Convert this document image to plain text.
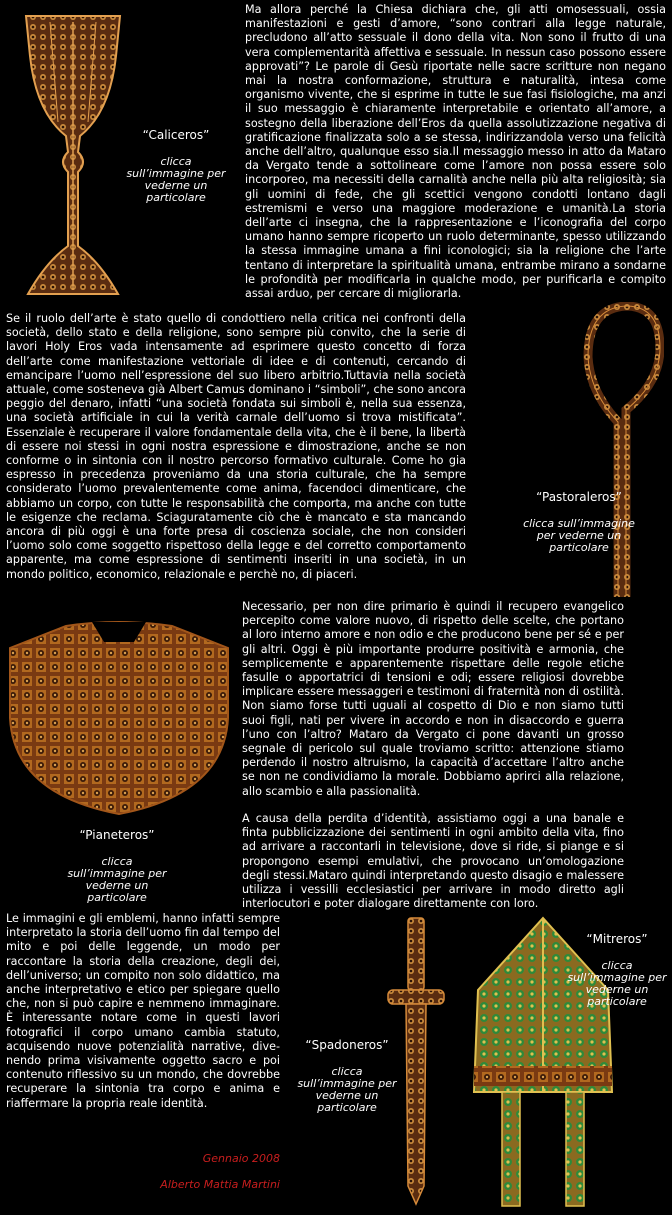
“Caliceros”
clicca sull’immagine per vederne un particolare

Ma allora perché la Chiesa dichiara che, gli atti omosessuali, ossia manifestazioni e gesti d’amore, “sono contrari alla legge naturale, precludono all’atto sessuale il dono della vita. Non sono il frutto di una vera complementarità affettiva e sessuale. In nessun caso possono essere approvati”? Le parole di Gesù riportate nelle sacre scritture non negano mai la nostra conformazione, struttura e naturalità, intesa come organismo vivente, che si esprime in tutte le sue fasi fisiologiche, ma anzi il suo messaggio è chiaramente interpretabile e orientato all’amore, a sostegno della liberazione dell’Eros da quella assolutizzazione negativa di gratificazione finalizzata solo a se stessa, indirizzandola verso una felicità anche dell’altro, qualunque esso sia.Il messaggio messo in atto da Mataro da Vergato tende a sottolineare come l’amore non possa essere solo incorporeo, ma necessiti della carnalità anche nella più alta religiosità; sia gli uomini di fede, che gli scettici vengono condotti lontano dagli estremismi e verso una maggiore moderazione e umanità.La storia dell’arte ci insegna, che la rappresentazione e l’iconografia del corpo umano hanno sempre ricoperto un ruolo determinante, spesso utilizzando la stessa immagine umana a fini iconologici; sia la religione che l’arte tentano di interpretare la spiritualità umana, entrambe mirano a sondarne le profondità per modificarla in qualche modo, per purificarla e compito assai arduo, per cercare di migliorarla.

Se il ruolo dell’arte è stato quello di condottiero nella critica nei confronti della società, dello stato e della religione, sono sempre più convito, che la serie di lavori Holy Eros vada intensamente ad esprimere questo concetto di forza dell’arte come manifestazione vettoriale di idee e di contenuti, cercando di emancipare l’uomo nell’espressione del suo libero arbitrio.Tuttavia nella società attuale, come sosteneva già Albert Camus dominano i “simboli”, che sono ancora peggio del denaro, infatti “una società fondata sui simboli è, nella sua essenza, una società artificiale in cui la verità carnale dell’uomo si trova mistificata”. Essenziale è recuperare il valore fondamentale della vita, che è il bene, la libertà di essere noi stessi in ogni nostra espressione e dimostrazione, anche se non conforme o in sintonia con il nostro percorso formativo culturale. Come ho gia espresso in precedenza proveniamo da una storia culturale, che ha sempre considerato l’uomo prevalentemente come anima, facendoci dimenticare, che abbiamo un corpo, con tutte le responsabilità che comporta, ma anche con tutte le esigenze che reclama. Sciaguratamente ciò che è mancato e sta mancando ancora di più oggi è una forte presa di coscienza sociale, che non consideri l’uomo solo come soggetto rispettoso della legge e del corretto comportamento apparente, ma come espressione di sentimenti inseriti in una società, in un mondo politico, economico, relazionale e perchè no, di piaceri.

“Pastoraleros”
clicca sull’immagine per vederne un particolare

Necessario, per non dire primario è quindi il recupero evangelico percepito come valore nuovo, di rispetto delle scelte, che portano al loro interno amore e non odio e che producono bene per sé e per gli altri. Oggi è più importante produrre positività e armonia, che semplicemente e apparentemente rispettare delle regole etiche fasulle o apportatrici di tensioni e odi; essere religiosi dovrebbe implicare essere messaggeri e testimoni di fraternità non di ostilità. Non siamo forse tutti uguali al cospetto di Dio e non siamo tutti suoi figli, nati per vivere in accordo e non in disaccordo e guerra l’uno con l’altro? Mataro da Vergato ci pone davanti un grosso segnale di pericolo sul quale troviamo scritto: attenzione stiamo perdendo il nostro altruismo, la capacità d’accettare l’altro anche se non ne condividiamo la morale. Dobbiamo aprirci alla relazione, allo scambio e alla passionalità.

A causa della perdita d’identità, assistiamo oggi a una banale e finta pubblicizzazione dei sentimenti in ogni ambito della vita, fino ad arrivare a raccontarli in televisione, dove si ride, si piange e si propongono esempi emulativi, che provocano un’omologazione degli stessi.Mataro quindi interpretando questo disagio e malessere utilizza i vessilli ecclesiastici per arrivare in modo diretto agli interlocutori e poter dialogare direttamente con loro.

“Pianeteros”
clicca sull’immagine per vederne un particolare

Le immagini e gli emblemi, hanno infatti sempre interpretato la storia dell’uomo fin dal tempo del mito e poi delle leggende, un modo per raccontare la storia della creazione, degli dei, dell’universo; un compito non solo didattico, ma anche interpretativo e etico per spiegare quello che, non si può capire e nemmeno immaginare. È interessante notare come in questi lavori fotografici il corpo umano cambia statuto, acquisendo nuove potenzialità narrative, dive-nendo prima visivamente oggetto sacro e poi contenuto riflessivo su un mondo, che dovrebbe recuperare la sintonia tra corpo e anima e riaffermare la propria reale identità.

Gennaio 2008
Alberto Mattia Martini
“Spadoneros”
clicca sull’immagine per vederne un particolare
“Mitreros”
clicca sull’immagine per vederne un particolare
